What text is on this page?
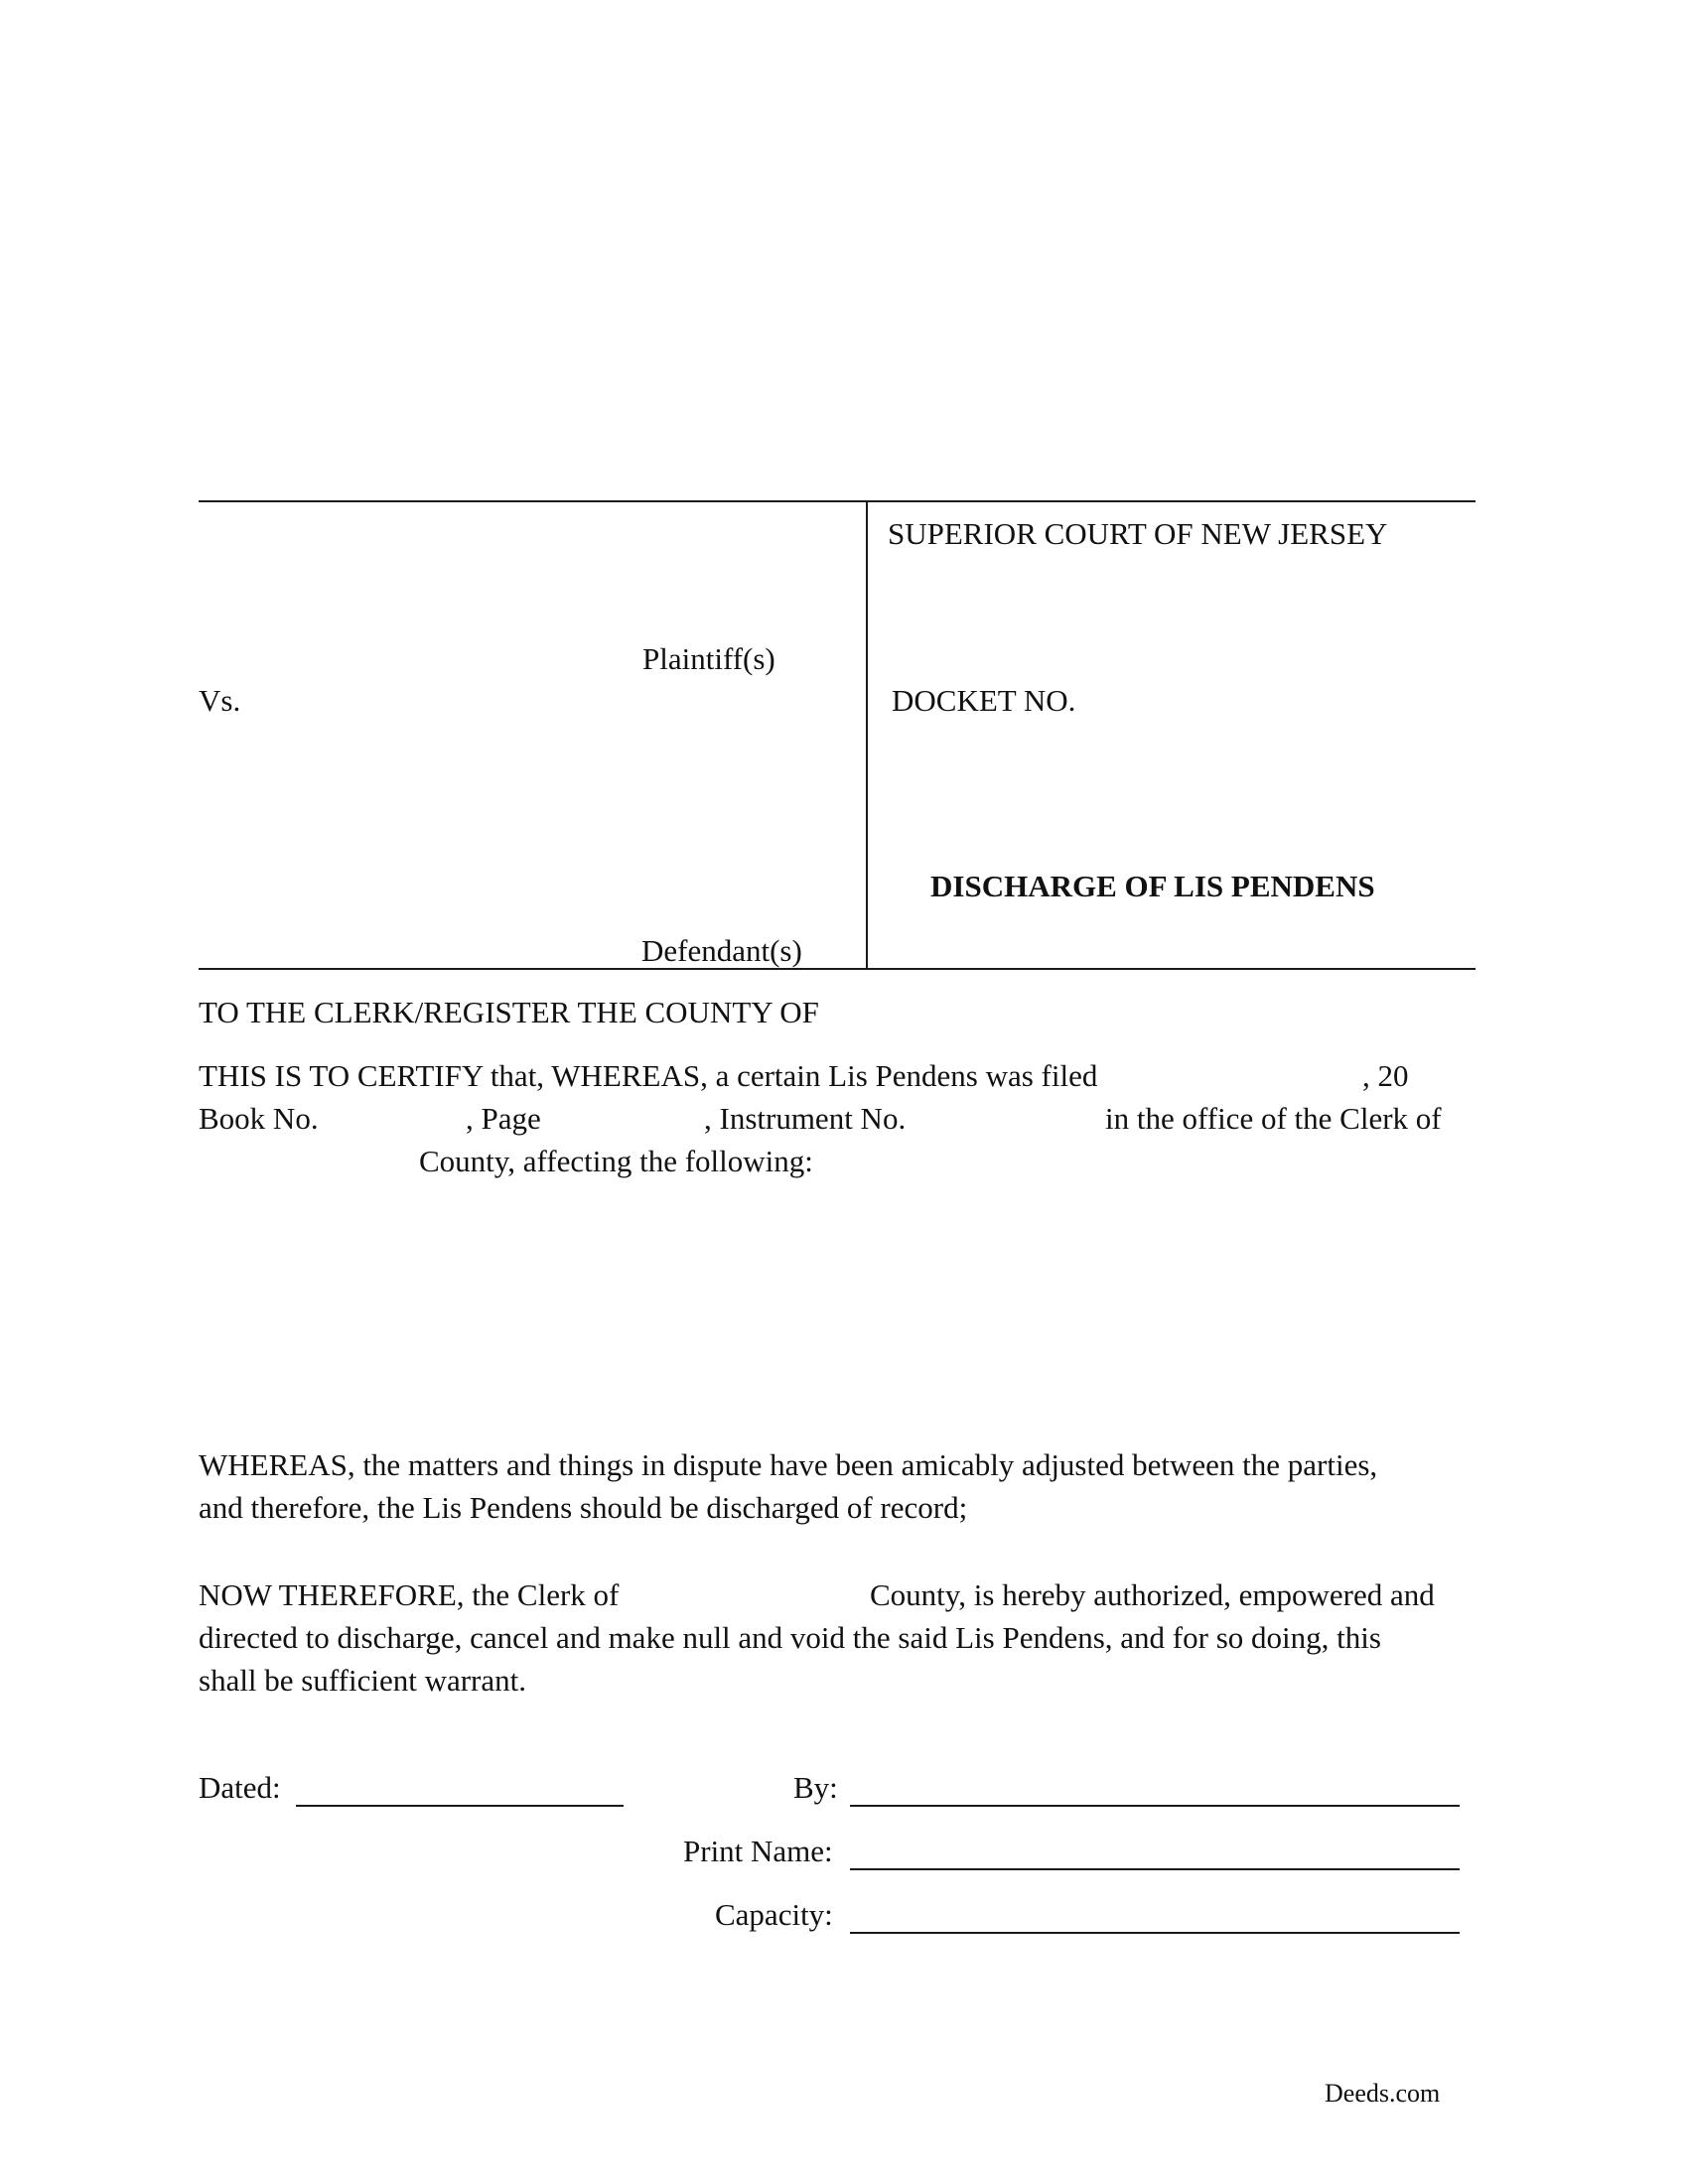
SUPERIOR COURT OF NEW JERSEY
Plaintiff(s)
Vs.	DOCKET NO.
DISCHARGE OF LIS PENDENS
Defendant(s)
TO THE CLERK/REGISTER THE COUNTY OF
THIS IS TO CERTIFY that, WHEREAS, a certain Lis Pendens was filed	, 20
Book No.	, Page	, Instrument No.	in the office of the Clerk of
County, affecting the following:
WHEREAS, the matters and things in dispute have been amicably adjusted between the parties,
and therefore, the Lis Pendens should be discharged of record;
NOW THEREFORE, the Clerk of	County, is hereby authorized, empowered and
directed to discharge, cancel and make null and void the said Lis Pendens, and for so doing, this
shall be sufficient warrant.
Dated:	By:
Print Name:
Capacity:
Deeds.com
